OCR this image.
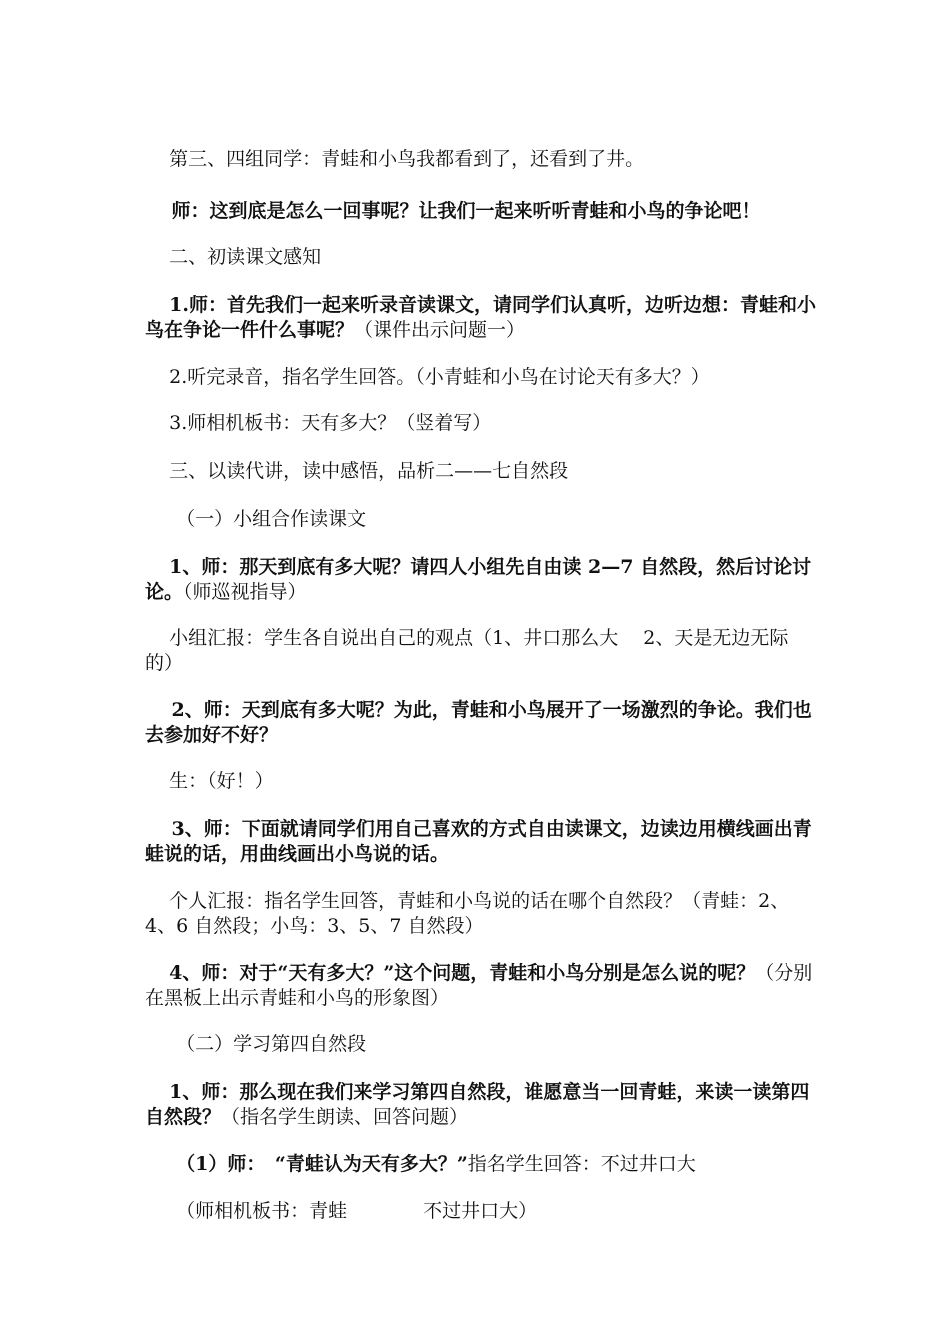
第三、四组同学：青蛙和小鸟我都看到了，还看到了井。

师：这到底是怎么一回事呢？让我们一起来听听青蛙和小鸟的争论吧！

二、初读课文感知

1.师：首先我们一起来听录音读课文，请同学们认真听，边听边想：青蛙和小鸟在争论一件什么事呢？（课件出示问题一）

2.听完录音，指名学生回答。（小青蛙和小鸟在讨论天有多大？）

3.师相机板书：天有多大？（竖着写）

三、以读代讲，读中感悟，品析二——七自然段

（一）小组合作读课文

1、师：那天到底有多大呢？请四人小组先自由读 2—7 自然段，然后讨论讨论。（师巡视指导）

小组汇报：学生各自说出自己的观点（1、井口那么大　 2、天是无边无际的）

2、师：天到底有多大呢？为此，青蛙和小鸟展开了一场激烈的争论。我们也去参加好不好？

生：（好！）

3、师：下面就请同学们用自己喜欢的方式自由读课文，边读边用横线画出青蛙说的话，用曲线画出小鸟说的话。

个人汇报：指名学生回答，青蛙和小鸟说的话在哪个自然段？（青蛙：2、4、6 自然段；小鸟：3、5、7 自然段）

4、师：对于“天有多大？”这个问题，青蛙和小鸟分别是怎么说的呢？（分别在黑板上出示青蛙和小鸟的形象图）

（二）学习第四自然段

1、师：那么现在我们来学习第四自然段，谁愿意当一回青蛙，来读一读第四自然段？（指名学生朗读、回答问题）

（1）师：　“青蛙认为天有多大？”指名学生回答：不过井口大

（师相机板书：青蛙　　　　不过井口大）
